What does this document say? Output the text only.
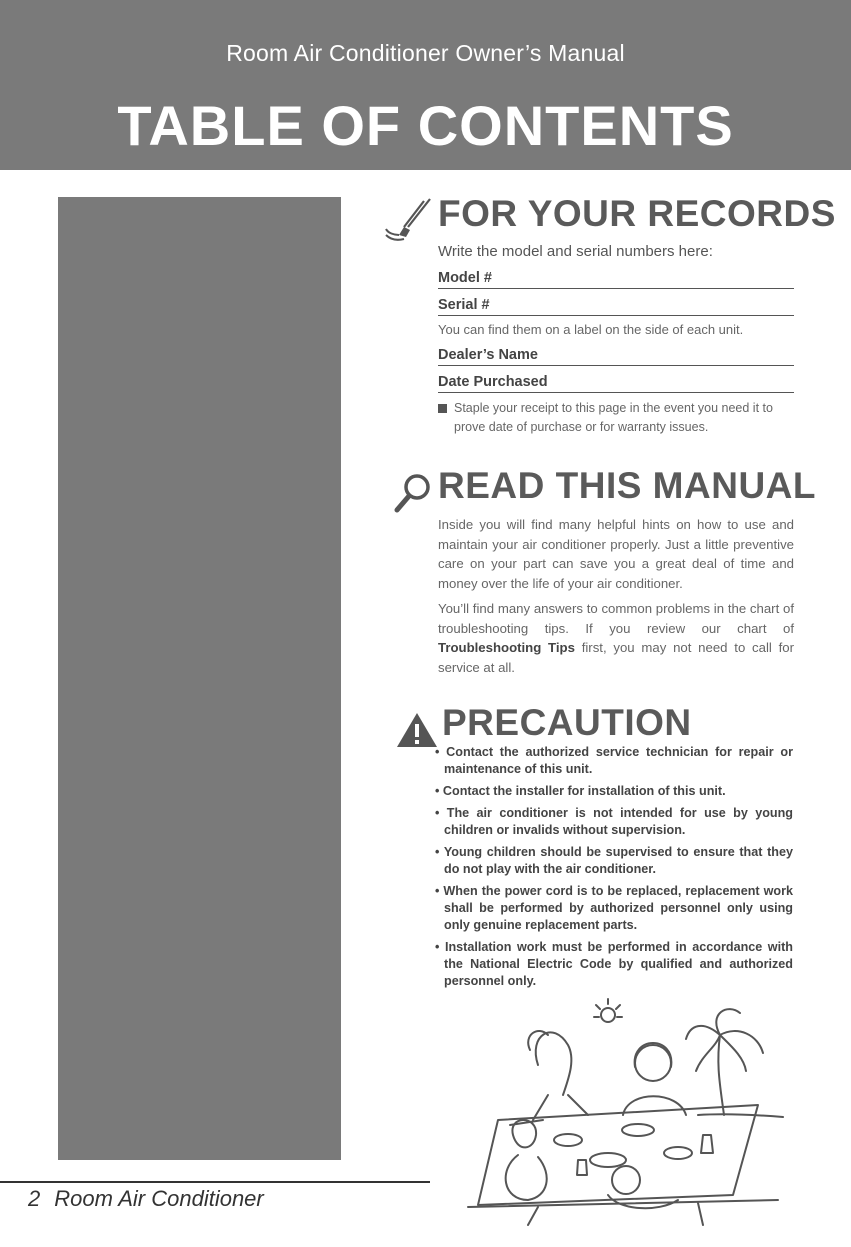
Room Air Conditioner Owner’s Manual
TABLE OF CONTENTS
FOR YOUR RECORDS
Write the model and serial numbers here:
Model #
Serial #
You can find them on a label on the side of each unit.
Dealer’s Name
Date Purchased
Staple your receipt to this page in the event you need it to prove date of purchase or for warranty issues.
READ THIS MANUAL

Inside you will find many helpful hints on how to use and maintain your air conditioner properly. Just a little preventive care on your part can save you a great deal of time and money over the life of your air conditioner.

You’ll find many answers to common problems in the chart of troubleshooting tips. If you review our chart of Troubleshooting Tips first, you may not need to call for service at all.

PRECAUTION
• Contact the authorized service technician for repair or maintenance of this unit.
• Contact the installer for installation of this unit.
• The air conditioner is not intended for use by young children or invalids without supervision.
• Young children should be supervised to ensure that they do not play with the air conditioner.
• When the power cord is to be replaced, replacement work shall be performed by authorized personnel only using only genuine replacement parts.
• Installation work must be performed in accordance with the National Electric Code by qualified and authorized personnel only.
2 Room Air Conditioner
